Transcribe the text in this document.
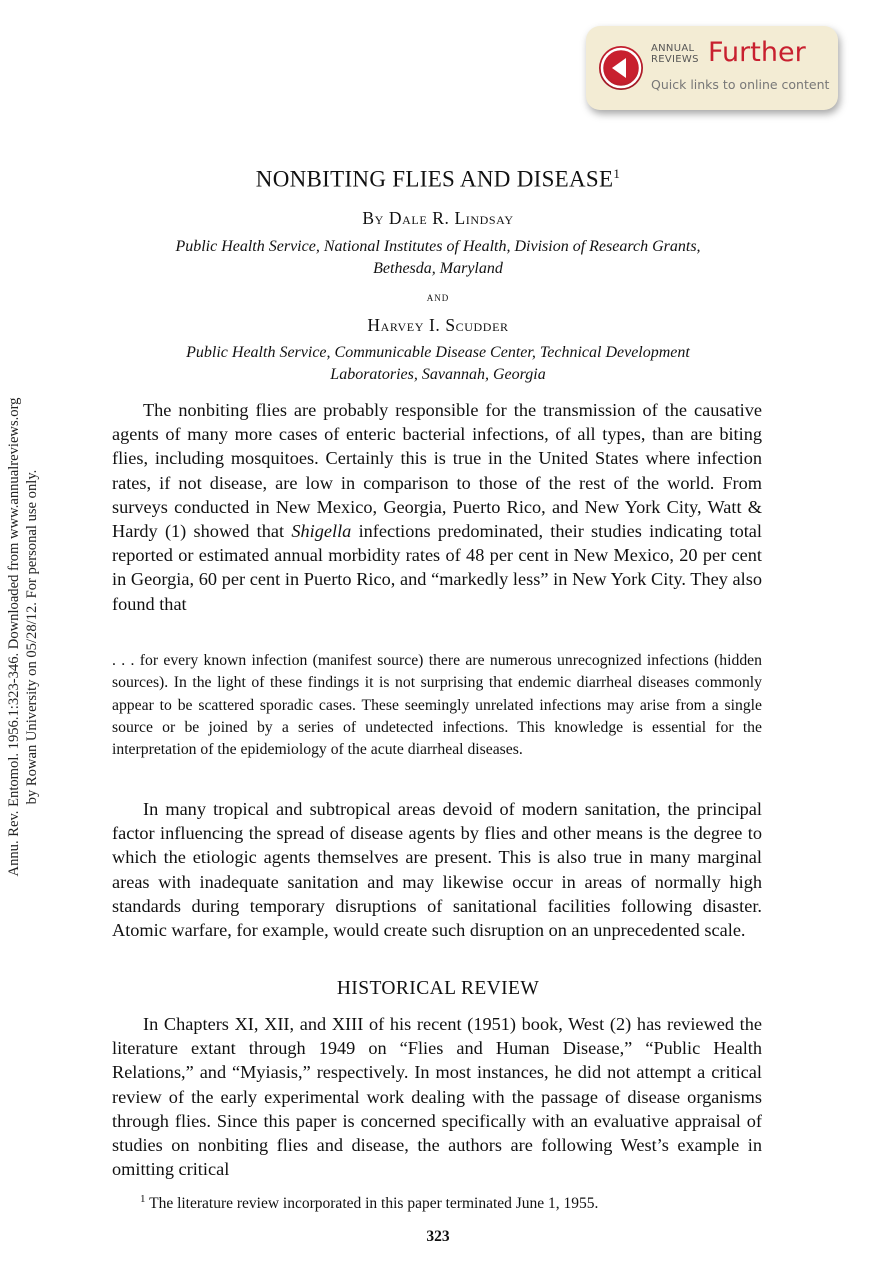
ANNUAL
REVIEWS Further
Quick links to online content
Annu. Rev. Entomol. 1956.1:323-346. Downloaded from www.annualreviews.org by Rowan University on 05/28/12. For personal use only.
NONBITING FLIES AND DISEASE$^1$
By Dale R. Lindsay
Public Health Service, National Institutes of Health, Division of Research Grants,
Bethesda, Maryland
and
Harvey I. Scudder
Public Health Service, Communicable Disease Center, Technical Development
Laboratories, Savannah, Georgia
The nonbiting flies are probably responsible for the transmission of the causative agents of many more cases of enteric bacterial infections, of all types, than are biting flies, including mosquitoes. Certainly this is true in the United States where infection rates, if not disease, are low in comparison to those of the rest of the world. From surveys conducted in New Mexico, Georgia, Puerto Rico, and New York City, Watt & Hardy (1) showed that Shigella infections predominated, their studies indicating total reported or estimated annual morbidity rates of 48 per cent in New Mexico, 20 per cent in Georgia, 60 per cent in Puerto Rico, and “markedly less” in New York City. They also found that
. . . for every known infection (manifest source) there are numerous unrecognized infections (hidden sources). In the light of these findings it is not surprising that endemic diarrheal diseases commonly appear to be scattered sporadic cases. These seemingly unrelated infections may arise from a single source or be joined by a series of undetected infections. This knowledge is essential for the interpretation of the epidemiology of the acute diarrheal diseases.
In many tropical and subtropical areas devoid of modern sanitation, the principal factor influencing the spread of disease agents by flies and other means is the degree to which the etiologic agents themselves are present. This is also true in many marginal areas with inadequate sanitation and may likewise occur in areas of normally high standards during temporary disruptions of sanitational facilities following disaster. Atomic warfare, for example, would create such disruption on an unprecedented scale.
HISTORICAL REVIEW
In Chapters XI, XII, and XIII of his recent (1951) book, West (2) has reviewed the literature extant through 1949 on “Flies and Human Disease,” “Public Health Relations,” and “Myiasis,” respectively. In most instances, he did not attempt a critical review of the early experimental work dealing with the passage of disease organisms through flies. Since this paper is concerned specifically with an evaluative appraisal of studies on nonbiting flies and disease, the authors are following West’s example in omitting critical
$^1$ The literature review incorporated in this paper terminated June 1, 1955.
323
